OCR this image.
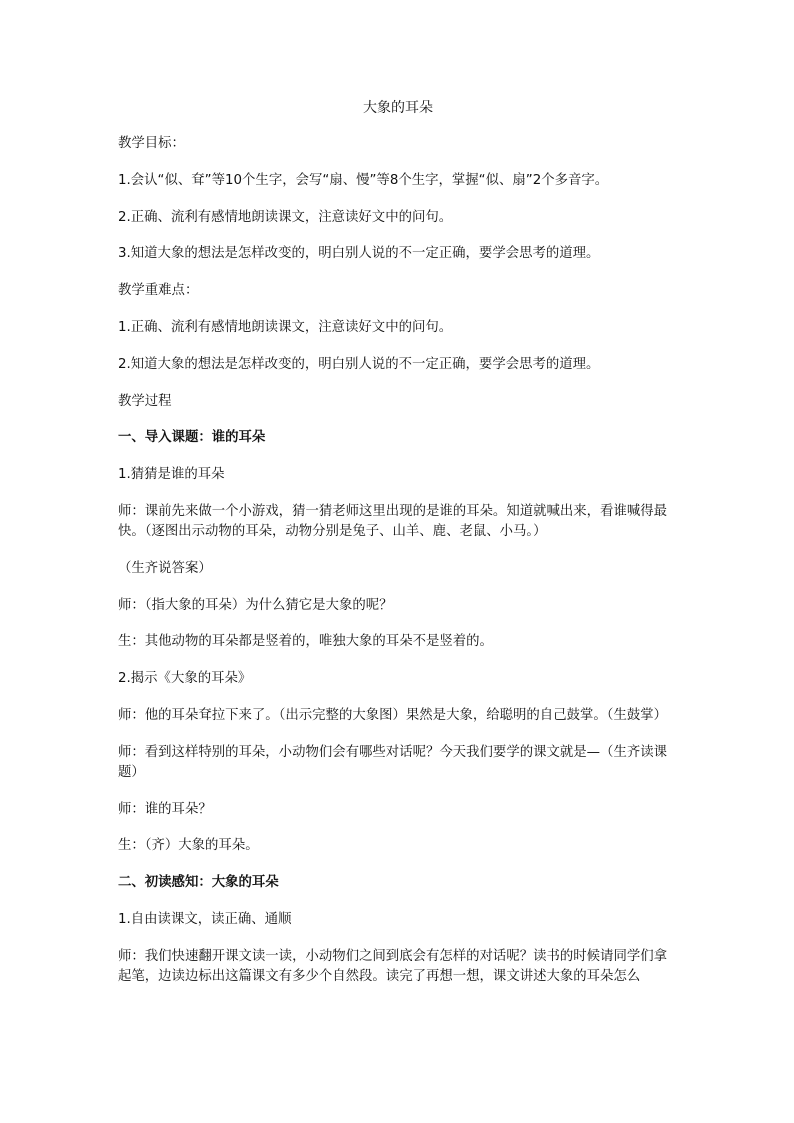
大象的耳朵

教学目标：

1.会认“似、耷”等10个生字，会写“扇、慢”等8个生字，掌握“似、扇”2个多音字。

2.正确、流利有感情地朗读课文，注意读好文中的问句。

3.知道大象的想法是怎样改变的，明白别人说的不一定正确，要学会思考的道理。

教学重难点：

1.正确、流利有感情地朗读课文，注意读好文中的问句。

2.知道大象的想法是怎样改变的，明白别人说的不一定正确，要学会思考的道理。

教学过程

一、导入课题：谁的耳朵

1.猜猜是谁的耳朵

师：课前先来做一个小游戏，猜一猜老师这里出现的是谁的耳朵。知道就喊出来，看谁喊得最快。（逐图出示动物的耳朵，动物分别是兔子、山羊、鹿、老鼠、小马。）

（生齐说答案）

师：（指大象的耳朵）为什么猜它是大象的呢？

生：其他动物的耳朵都是竖着的，唯独大象的耳朵不是竖着的。

2.揭示《大象的耳朵》

师：他的耳朵耷拉下来了。（出示完整的大象图）果然是大象，给聪明的自己鼓掌。（生鼓掌）

师：看到这样特别的耳朵，小动物们会有哪些对话呢？今天我们要学的课文就是—（生齐读课题）

师：谁的耳朵？

生：（齐）大象的耳朵。

二、初读感知：大象的耳朵

1.自由读课文，读正确、通顺

师：我们快速翻开课文读一读，小动物们之间到底会有怎样的对话呢？读书的时候请同学们拿起笔，边读边标出这篇课文有多少个自然段。读完了再想一想，课文讲述大象的耳朵怎么
